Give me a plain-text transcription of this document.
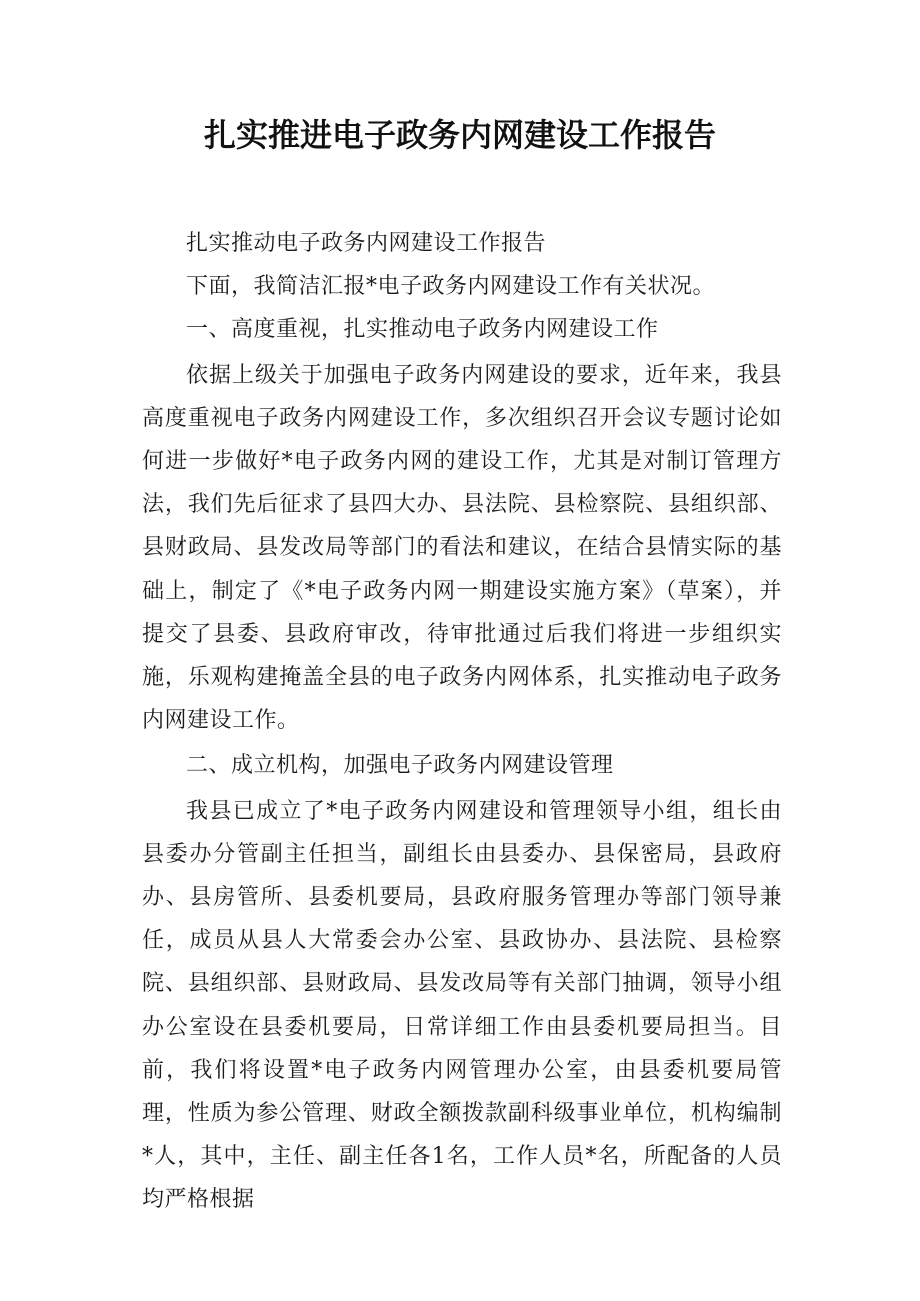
扎实推进电子政务内网建设工作报告

扎实推动电子政务内网建设工作报告

下面，我简洁汇报*电子政务内网建设工作有关状况。

一、高度重视，扎实推动电子政务内网建设工作

依据上级关于加强电子政务内网建设的要求，近年来，我县高度重视电子政务内网建设工作，多次组织召开会议专题讨论如何进一步做好*电子政务内网的建设工作，尤其是对制订管理方法，我们先后征求了县四大办、县法院、县检察院、县组织部、县财政局、县发改局等部门的看法和建议，在结合县情实际的基础上，制定了《*电子政务内网一期建设实施方案》（草案），并提交了县委、县政府审改，待审批通过后我们将进一步组织实施，乐观构建掩盖全县的电子政务内网体系，扎实推动电子政务内网建设工作。

二、成立机构，加强电子政务内网建设管理

我县已成立了*电子政务内网建设和管理领导小组，组长由县委办分管副主任担当，副组长由县委办、县保密局，县政府办、县房管所、县委机要局，县政府服务管理办等部门领导兼任，成员从县人大常委会办公室、县政协办、县法院、县检察院、县组织部、县财政局、县发改局等有关部门抽调，领导小组办公室设在县委机要局，日常详细工作由县委机要局担当。目前，我们将设置*电子政务内网管理办公室，由县委机要局管理，性质为参公管理、财政全额拨款副科级事业单位，机构编制*人，其中，主任、副主任各1名，工作人员*名，所配备的人员均严格根据
